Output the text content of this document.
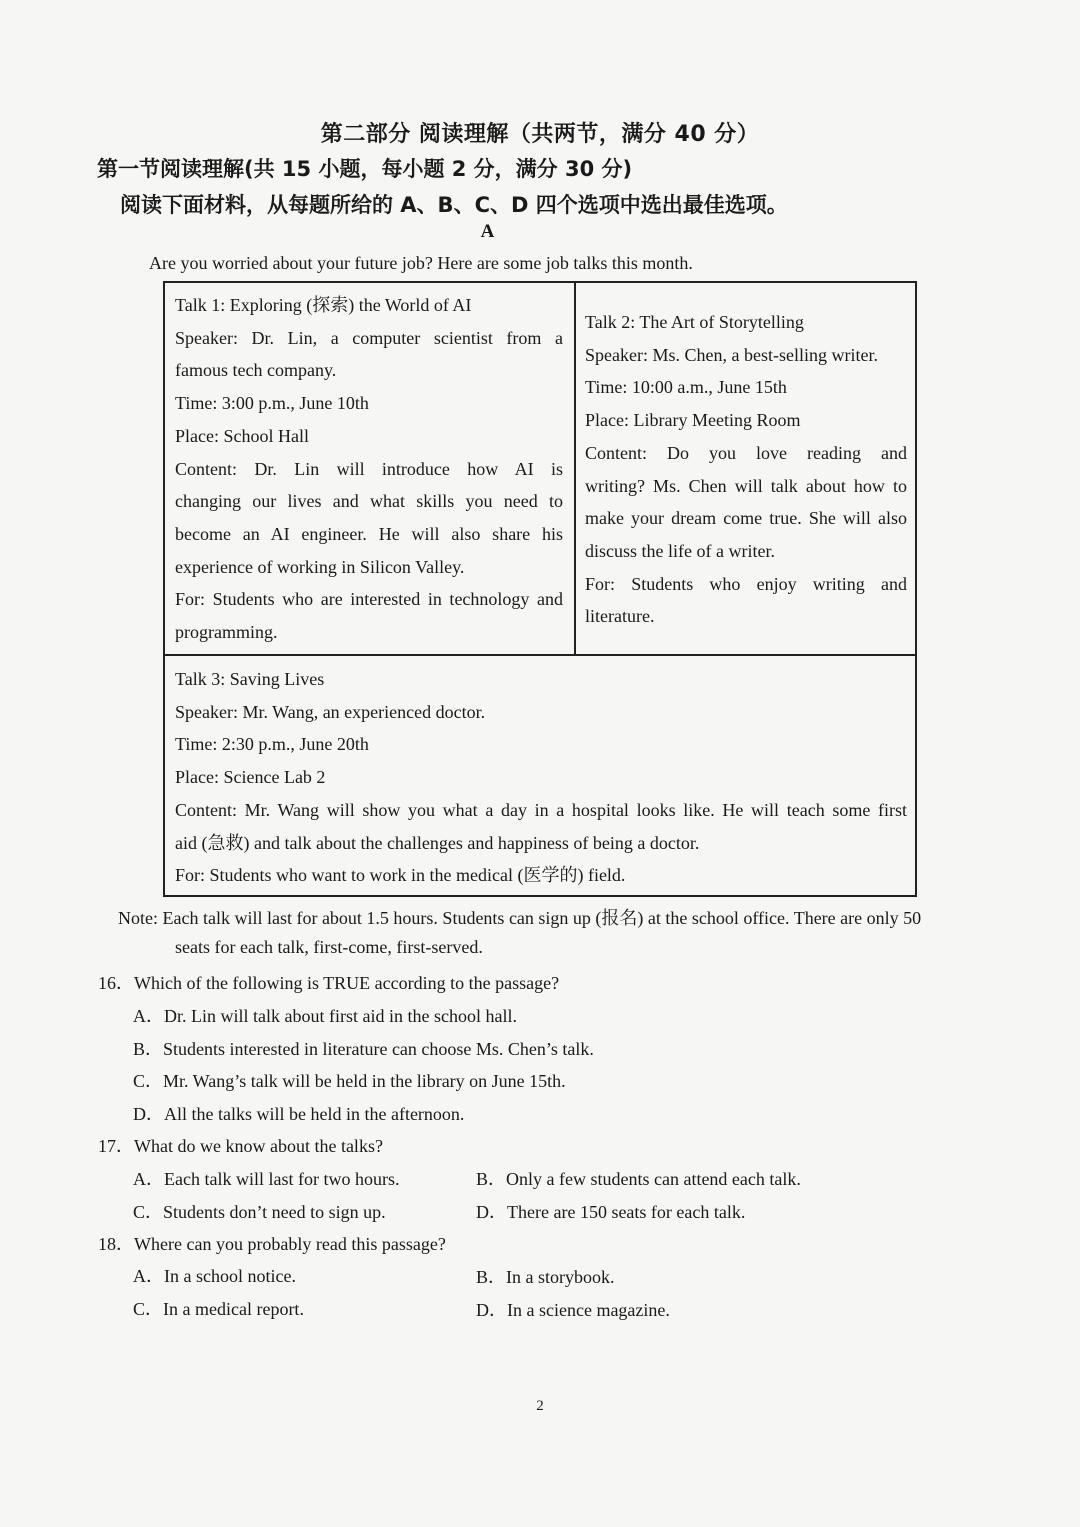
第二部分 阅读理解（共两节，满分 40 分）
第一节阅读理解(共 15 小题，每小题 2 分，满分 30 分)
阅读下面材料，从每题所给的 A、B、C、D 四个选项中选出最佳选项。
A
Are you worried about your future job? Here are some job talks this month.

Talk 1: Exploring (探索) the World of AI

Speaker: Dr. Lin, a computer scientist from a

famous tech company.

Time: 3:00 p.m., June 10th

Place: School Hall

Content: Dr. Lin will introduce how AI is

changing our lives and what skills you need to

become an AI engineer. He will also share his

experience of working in Silicon Valley.

For: Students who are interested in technology and

programming.

Talk 2: The Art of Storytelling

Speaker: Ms. Chen, a best-selling writer.

Time: 10:00 a.m., June 15th

Place: Library Meeting Room

Content: Do you love reading and

writing? Ms. Chen will talk about how to

make your dream come true. She will also

discuss the life of a writer.

For: Students who enjoy writing and

literature.

Talk 3: Saving Lives

Speaker: Mr. Wang, an experienced doctor.

Time: 2:30 p.m., June 20th

Place: Science Lab 2

Content: Mr. Wang will show you what a day in a hospital looks like. He will teach some first

aid (急救) and talk about the challenges and happiness of being a doctor.

For: Students who want to work in the medical (医学的) field.

Note: Each talk will last for about 1.5 hours. Students can sign up (报名) at the school office. There are only 50
seats for each talk, first-come, first-served.
16．Which of the following is TRUE according to the passage?
A．Dr. Lin will talk about first aid in the school hall.
B．Students interested in literature can choose Ms. Chen’s talk.
C．Mr. Wang’s talk will be held in the library on June 15th.
D．All the talks will be held in the afternoon.
17．What do we know about the talks?
A．Each talk will last for two hours.	B．Only a few students can attend each talk.
C．Students don’t need to sign up.	D．There are 150 seats for each talk.
18．Where can you probably read this passage?
A．In a school notice.	B．In a storybook.
C．In a medical report.	D．In a science magazine.
2
